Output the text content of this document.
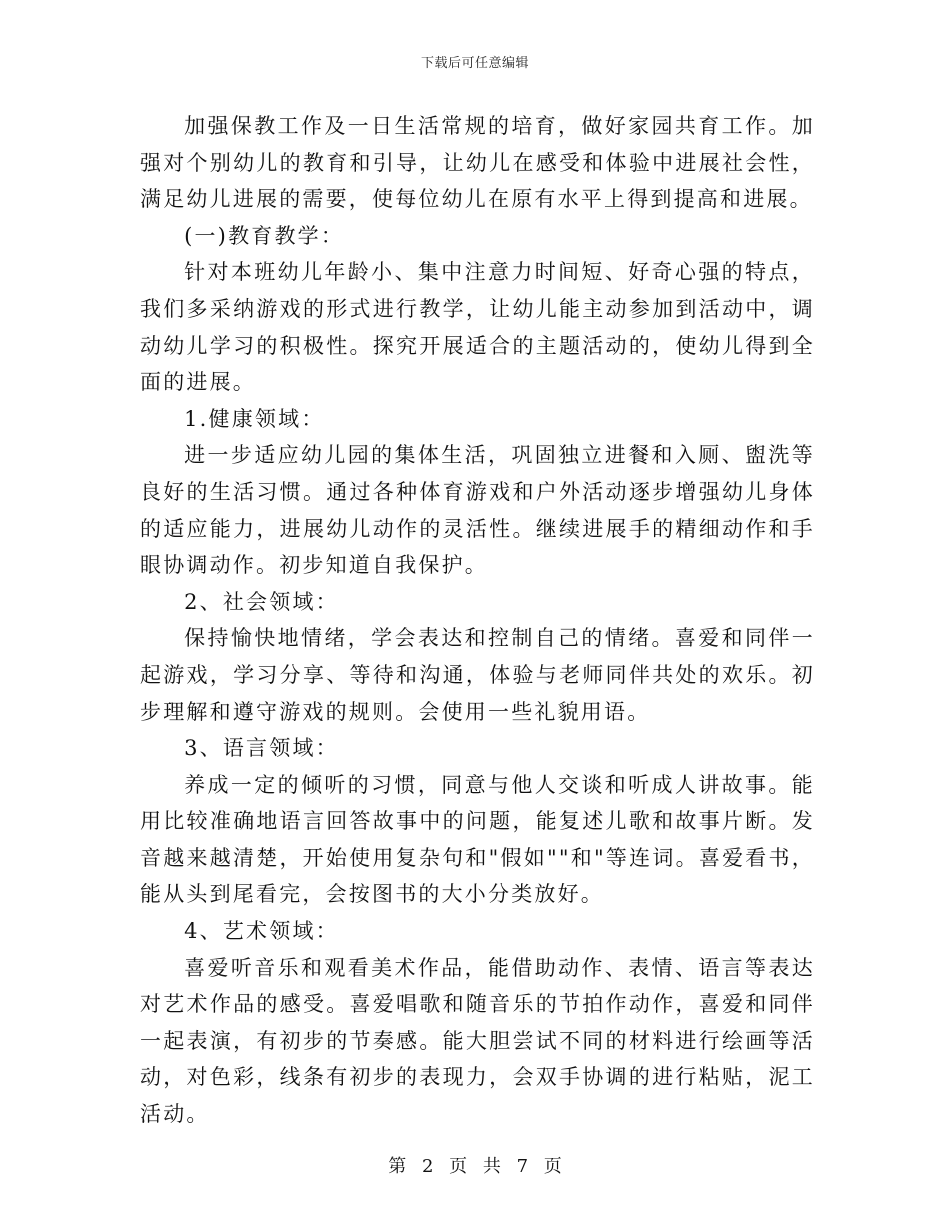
下载后可任意编辑

加强保教工作及一日生活常规的培育，做好家园共育工作。加强对个别幼儿的教育和引导，让幼儿在感受和体验中进展社会性，满足幼儿进展的需要，使每位幼儿在原有水平上得到提高和进展。

(一)教育教学：

针对本班幼儿年龄小、集中注意力时间短、好奇心强的特点，我们多采纳游戏的形式进行教学，让幼儿能主动参加到活动中，调动幼儿学习的积极性。探究开展适合的主题活动的，使幼儿得到全面的进展。

1.健康领域：

进一步适应幼儿园的集体生活，巩固独立进餐和入厕、盥洗等良好的生活习惯。通过各种体育游戏和户外活动逐步增强幼儿身体的适应能力，进展幼儿动作的灵活性。继续进展手的精细动作和手眼协调动作。初步知道自我保护。

2、社会领域：

保持愉快地情绪，学会表达和控制自己的情绪。喜爱和同伴一起游戏，学习分享、等待和沟通，体验与老师同伴共处的欢乐。初步理解和遵守游戏的规则。会使用一些礼貌用语。

3、语言领域：

养成一定的倾听的习惯，同意与他人交谈和听成人讲故事。能用比较准确地语言回答故事中的问题，能复述儿歌和故事片断。发音越来越清楚，开始使用复杂句和"假如""和"等连词。喜爱看书，能从头到尾看完，会按图书的大小分类放好。

4、艺术领域：

喜爱听音乐和观看美术作品，能借助动作、表情、语言等表达对艺术作品的感受。喜爱唱歌和随音乐的节拍作动作，喜爱和同伴一起表演，有初步的节奏感。能大胆尝试不同的材料进行绘画等活动，对色彩，线条有初步的表现力，会双手协调的进行粘贴，泥工活动。

第 2 页 共 7 页
